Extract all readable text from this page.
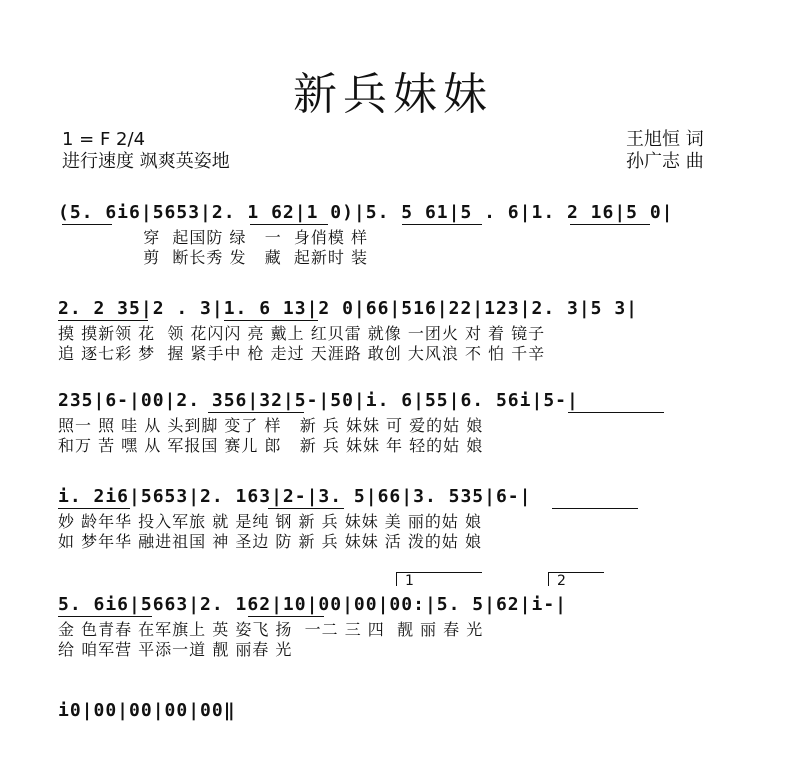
新兵妹妹
1 = F 2/4
进行速度 飒爽英姿地
王旭恒 词
孙广志 曲
(5. 6i6|5653|2. 1 62|1 0)|5. 5 61|5 . 6|1. 2 16|5 0|
穿  起国防 绿   一  身俏模 样
剪  断长秀 发   藏  起新时 装
2. 2 35|2 . 3|1. 6 13|2 0|66|516|22|123|2. 3|5 3|
摸 摸新领 花  领 花闪闪 亮 戴上 红贝雷 就像 一团火 对 着 镜子
追 逐七彩 梦  握 紧手中 枪 走过 天涯路 敢创 大风浪 不 怕 千辛
235|6-|00|2. 356|32|5-|50|i. 6|55|6. 56i|5-|
照一 照 哇 从 头到脚 变了 样   新 兵 妹妹 可 爱的姑 娘
和万 苦 嘿 从 军报国 赛儿 郎   新 兵 妹妹 年 轻的姑 娘
i. 2i6|5653|2. 163|2-|3. 5|66|3. 535|6-|
妙 龄年华 投入军旅 就 是纯 钢 新 兵 妹妹 美 丽的姑 娘
如 梦年华 融进祖国 神 圣边 防 新 兵 妹妹 活 泼的姑 娘
1	2
5. 6i6|5663|2. 162|10|00|00|00:|5. 5|62|i-|
金 色青春 在军旗上 英 姿飞 扬  一二 三 四  靓 丽 春 光
给 咱军营 平添一道 靓 丽春 光
i0|00|00|00|00‖
